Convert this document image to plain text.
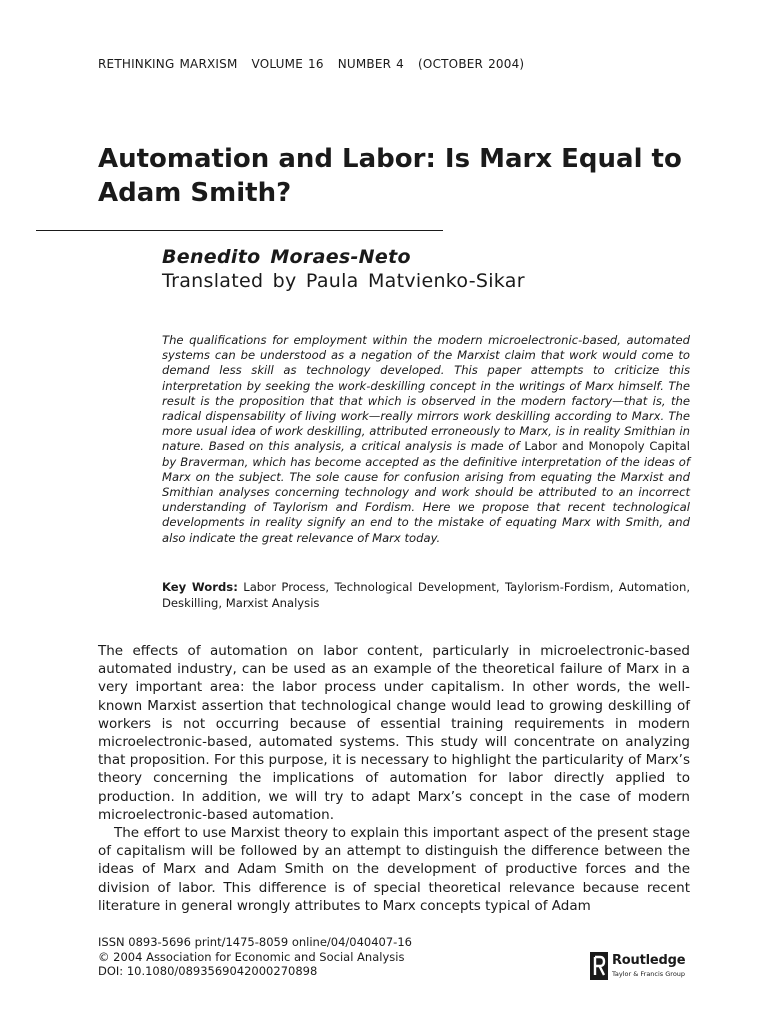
RETHINKING MARXISM VOLUME 16 NUMBER 4 (OCTOBER 2004)
Automation and Labor: Is Marx Equal to Adam Smith?
Benedito Moraes-Neto
Translated by Paula Matvienko-Sikar

The qualifications for employment within the modern microelectronic-based, automated systems can be understood as a negation of the Marxist claim that work would come to demand less skill as technology developed. This paper attempts to criticize this interpretation by seeking the work-deskilling concept in the writings of Marx himself. The result is the proposition that that which is observed in the modern factory—that is, the radical dispensability of living work—really mirrors work deskilling according to Marx. The more usual idea of work deskilling, attributed erroneously to Marx, is in reality Smithian in nature. Based on this analysis, a critical analysis is made of Labor and Monopoly Capital by Braverman, which has become accepted as the definitive interpretation of the ideas of Marx on the subject. The sole cause for confusion arising from equating the Marxist and Smithian analyses concerning technology and work should be attributed to an incorrect understanding of Taylorism and Fordism. Here we propose that recent technological developments in reality signify an end to the mistake of equating Marx with Smith, and also indicate the great relevance of Marx today.

Key Words: Labor Process, Technological Development, Taylorism-Fordism, Automation, Deskilling, Marxist Analysis

The effects of automation on labor content, particularly in microelectronic-based automated industry, can be used as an example of the theoretical failure of Marx in a very important area: the labor process under capitalism. In other words, the well-known Marxist assertion that technological change would lead to growing deskilling of workers is not occurring because of essential training requirements in modern microelectronic-based, automated systems. This study will concentrate on analyzing that proposition. For this purpose, it is necessary to highlight the particularity of Marx’s theory concerning the implications of automation for labor directly applied to production. In addition, we will try to adapt Marx’s concept in the case of modern microelectronic-based automation.

The effort to use Marxist theory to explain this important aspect of the present stage of capitalism will be followed by an attempt to distinguish the difference between the ideas of Marx and Adam Smith on the development of productive forces and the division of labor. This difference is of special theoretical relevance because recent literature in general wrongly attributes to Marx concepts typical of Adam

ISSN 0893-5696 print/1475-8059 online/04/040407-16
© 2004 Association for Economic and Social Analysis
DOI: 10.1080/0893569042000270898
Routledge
Taylor & Francis Group
